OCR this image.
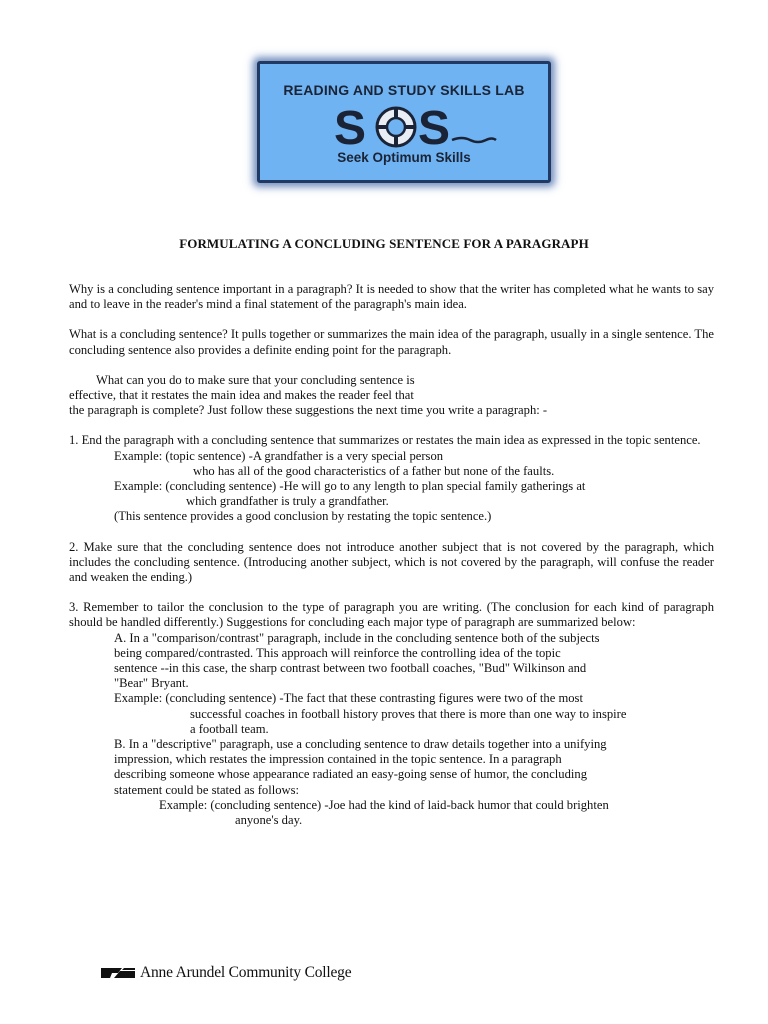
READING AND STUDY SKILLS LAB
S S
Seek Optimum Skills
FORMULATING A CONCLUDING SENTENCE FOR A PARAGRAPH

Why is a concluding sentence important in a paragraph? It is needed to show that the writer has completed what he wants to say and to leave in the reader's mind a final statement of the paragraph's main idea.

What is a concluding sentence? It pulls together or summarizes the main idea of the paragraph, usually in a single sentence. The concluding sentence also provides a definite ending point for the paragraph.

What can you do to make sure that your concluding sentence is
effective, that it restates the main idea and makes the reader feel that
the paragraph is complete? Just follow these suggestions the next time you write a paragraph: -
1. End the paragraph with a concluding sentence that summarizes or restates the main idea as expressed in the topic sentence.
Example: (topic sentence) -A grandfather is a very special person
who has all of the good characteristics of a father but none of the faults.
Example: (concluding sentence) -He will go to any length to plan special family gatherings at
which grandfather is truly a grandfather.
(This sentence provides a good conclusion by restating the topic sentence.)

2. Make sure that the concluding sentence does not introduce another subject that is not covered by the paragraph, which includes the concluding sentence. (Introducing another subject, which is not covered by the paragraph, will confuse the reader and weaken the ending.)

3. Remember to tailor the conclusion to the type of paragraph you are writing. (The conclusion for each kind of paragraph should be handled differently.) Suggestions for concluding each major type of paragraph are summarized below:
A. In a "comparison/contrast" paragraph, include in the concluding sentence both of the subjects
being compared/contrasted. This approach will reinforce the controlling idea of the topic
sentence --in this case, the sharp contrast between two football coaches, "Bud" Wilkinson and
"Bear" Bryant.
Example: (concluding sentence) -The fact that these contrasting figures were two of the most
successful coaches in football history proves that there is more than one way to inspire
a football team.
B. In a "descriptive" paragraph, use a concluding sentence to draw details together into a unifying
impression, which restates the impression contained in the topic sentence. In a paragraph
describing someone whose appearance radiated an easy-going sense of humor, the concluding
statement could be stated as follows:
Example: (concluding sentence) -Joe had the kind of laid-back humor that could brighten
anyone's day.
Anne Arundel Community College
